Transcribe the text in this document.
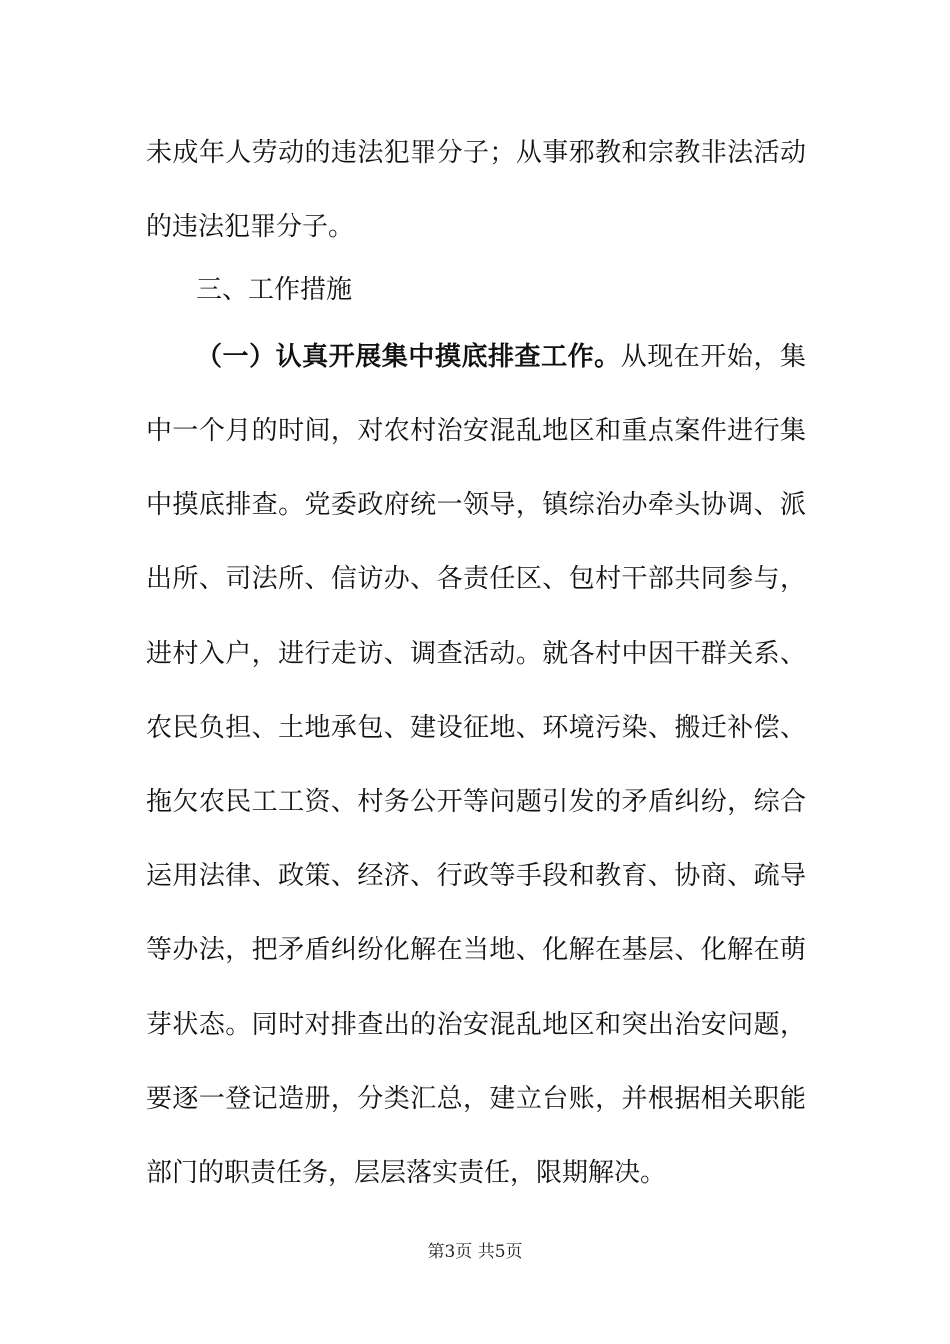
未成年人劳动的违法犯罪分子；从事邪教和宗教非法活动
的违法犯罪分子。
三、工作措施
（一）认真开展集中摸底排查工作。从现在开始，集
中一个月的时间，对农村治安混乱地区和重点案件进行集
中摸底排查。党委政府统一领导，镇综治办牵头协调、派
出所、司法所、信访办、各责任区、包村干部共同参与，
进村入户，进行走访、调查活动。就各村中因干群关系、
农民负担、土地承包、建设征地、环境污染、搬迁补偿、
拖欠农民工工资、村务公开等问题引发的矛盾纠纷，综合
运用法律、政策、经济、行政等手段和教育、协商、疏导
等办法，把矛盾纠纷化解在当地、化解在基层、化解在萌
芽状态。同时对排查出的治安混乱地区和突出治安问题，
要逐一登记造册，分类汇总，建立台账，并根据相关职能
部门的职责任务，层层落实责任，限期解决。
第3页 共5页
